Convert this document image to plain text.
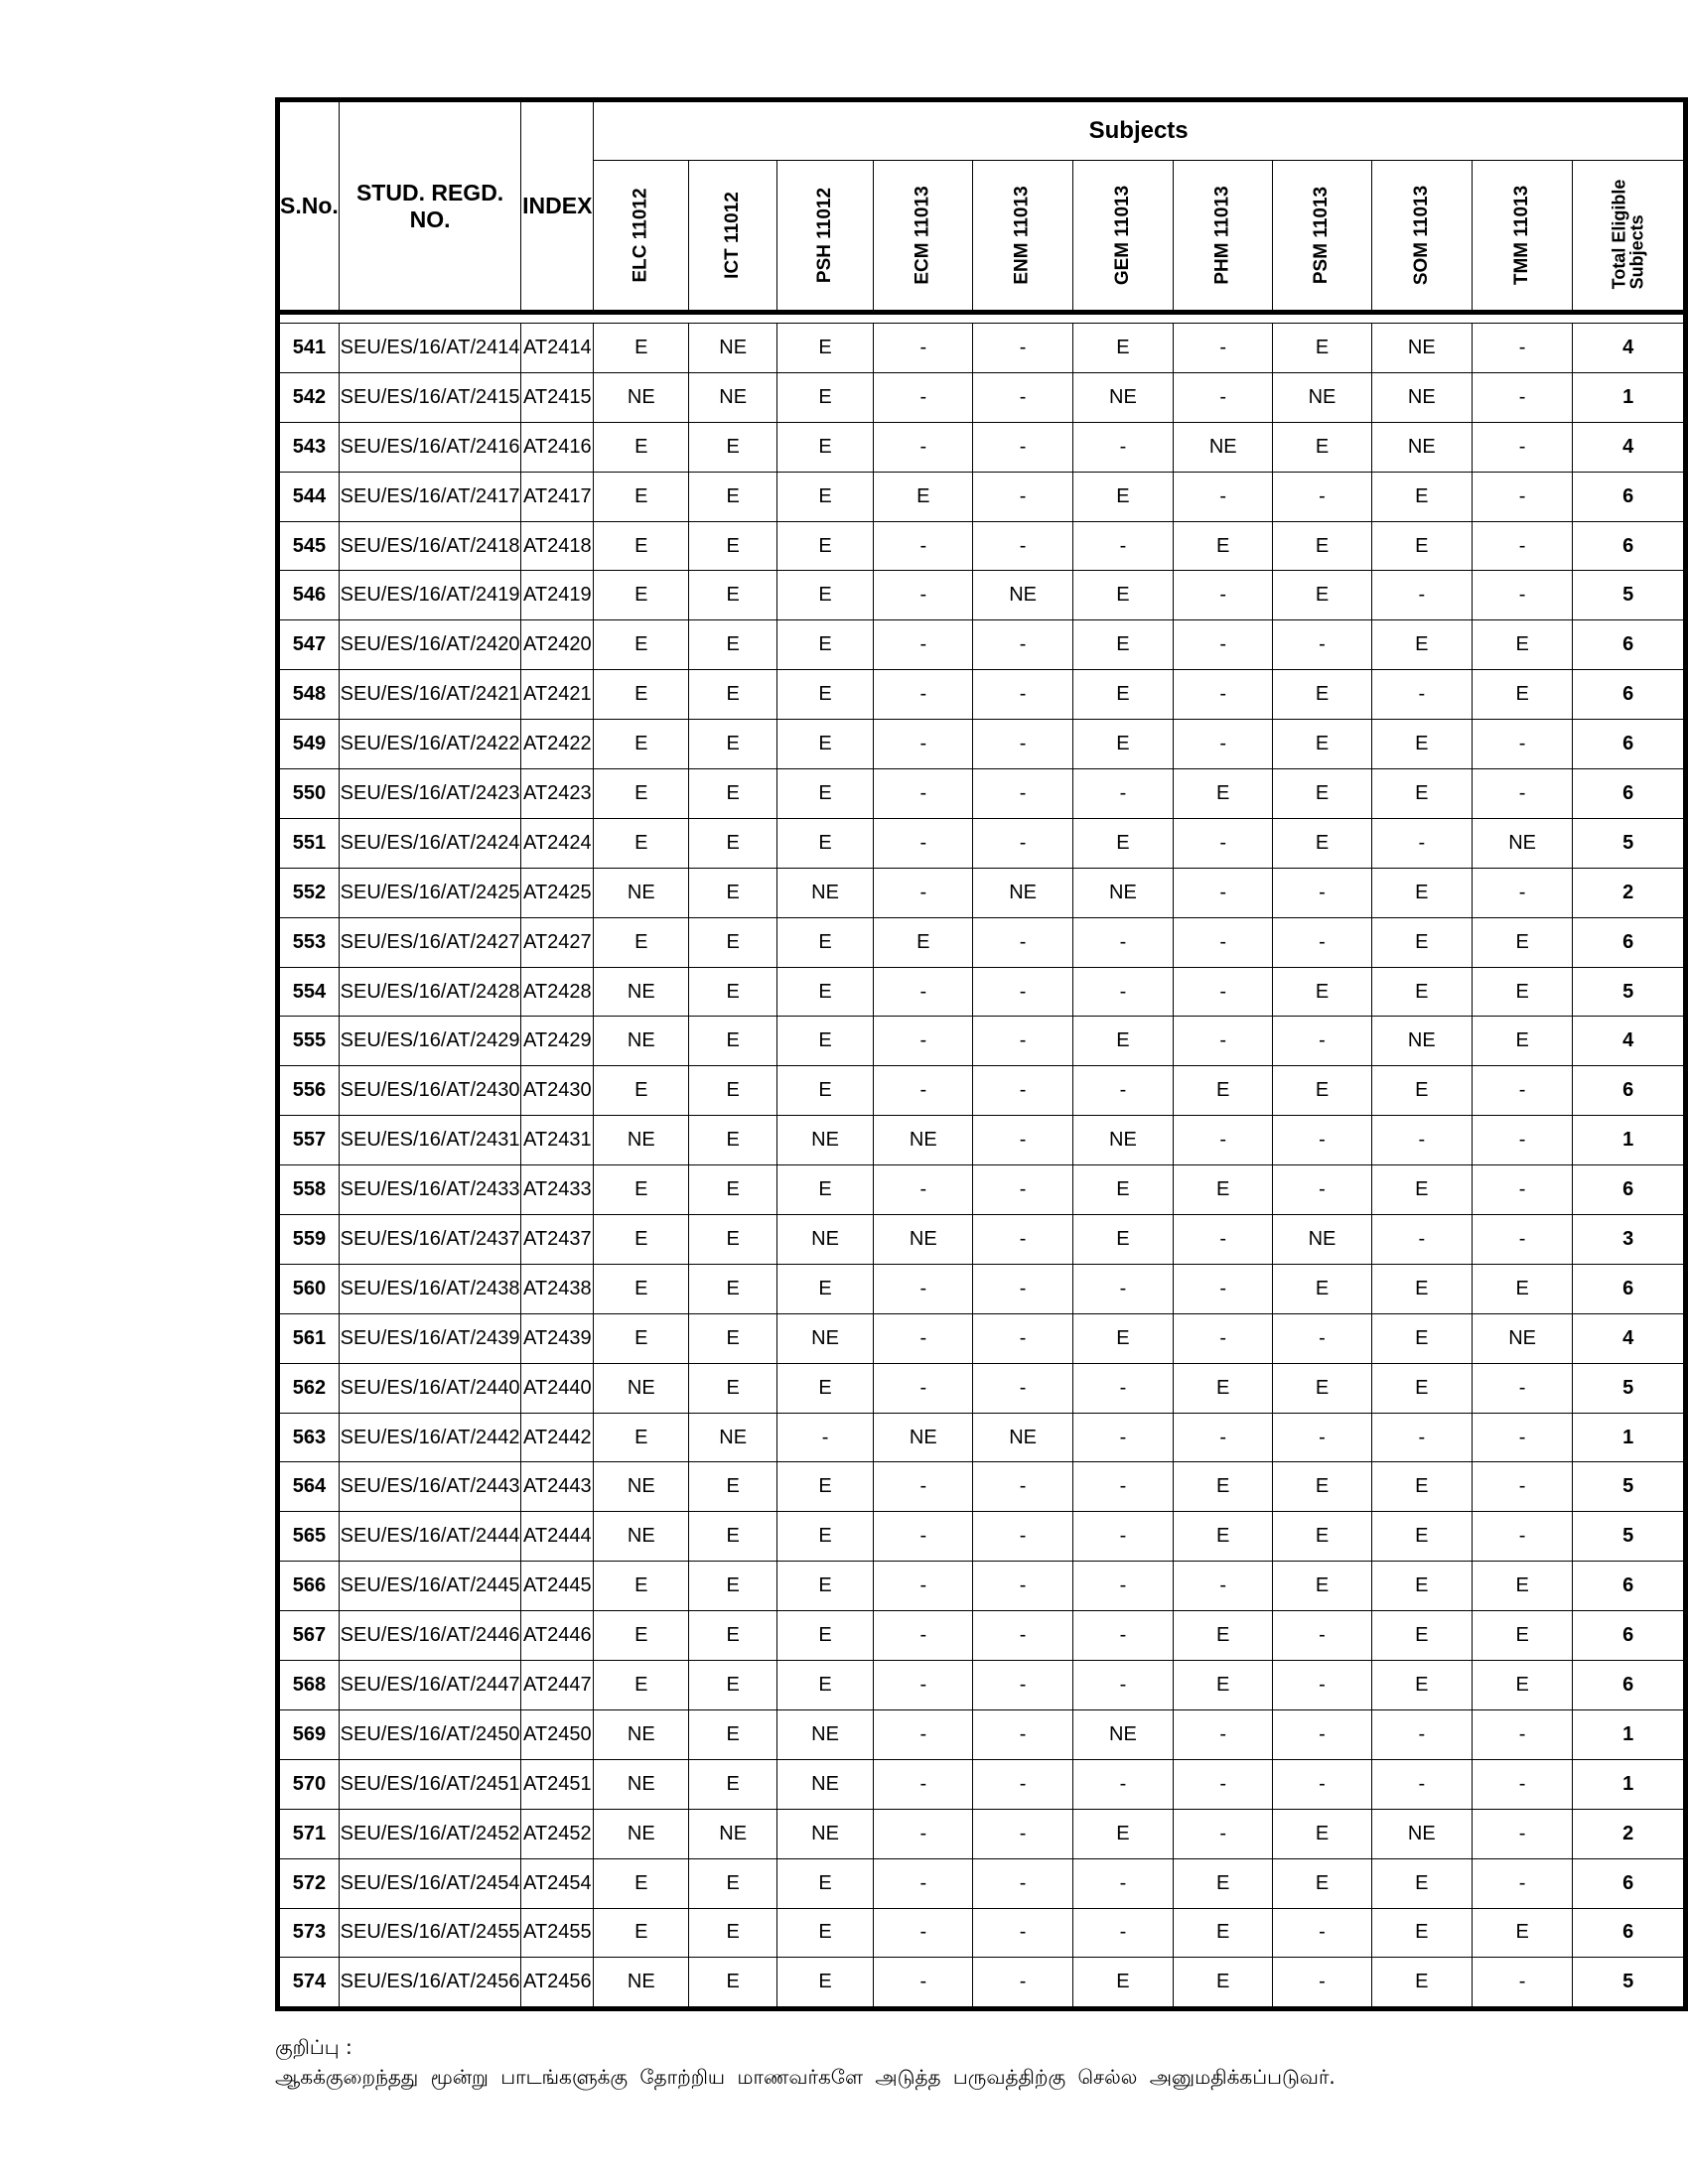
S.No.	STUD. REGD. NO.	INDEX	Subjects										
			ELC 11012	ICT 11012	PSH 11012	ECM 11013	ENM 11013	GEM 11013	PHM 11013	PSM 11013	SOM 11013	TMM 11013	Total Eligible
Subjects

541	SEU/ES/16/AT/2414	AT2414	E	NE	E	-	-	E	-	E	NE	-	4
542	SEU/ES/16/AT/2415	AT2415	NE	NE	E	-	-	NE	-	NE	NE	-	1
543	SEU/ES/16/AT/2416	AT2416	E	E	E	-	-	-	NE	E	NE	-	4
544	SEU/ES/16/AT/2417	AT2417	E	E	E	E	-	E	-	-	E	-	6
545	SEU/ES/16/AT/2418	AT2418	E	E	E	-	-	-	E	E	E	-	6
546	SEU/ES/16/AT/2419	AT2419	E	E	E	-	NE	E	-	E	-	-	5
547	SEU/ES/16/AT/2420	AT2420	E	E	E	-	-	E	-	-	E	E	6
548	SEU/ES/16/AT/2421	AT2421	E	E	E	-	-	E	-	E	-	E	6
549	SEU/ES/16/AT/2422	AT2422	E	E	E	-	-	E	-	E	E	-	6
550	SEU/ES/16/AT/2423	AT2423	E	E	E	-	-	-	E	E	E	-	6
551	SEU/ES/16/AT/2424	AT2424	E	E	E	-	-	E	-	E	-	NE	5
552	SEU/ES/16/AT/2425	AT2425	NE	E	NE	-	NE	NE	-	-	E	-	2
553	SEU/ES/16/AT/2427	AT2427	E	E	E	E	-	-	-	-	E	E	6
554	SEU/ES/16/AT/2428	AT2428	NE	E	E	-	-	-	-	E	E	E	5
555	SEU/ES/16/AT/2429	AT2429	NE	E	E	-	-	E	-	-	NE	E	4
556	SEU/ES/16/AT/2430	AT2430	E	E	E	-	-	-	E	E	E	-	6
557	SEU/ES/16/AT/2431	AT2431	NE	E	NE	NE	-	NE	-	-	-	-	1
558	SEU/ES/16/AT/2433	AT2433	E	E	E	-	-	E	E	-	E	-	6
559	SEU/ES/16/AT/2437	AT2437	E	E	NE	NE	-	E	-	NE	-	-	3
560	SEU/ES/16/AT/2438	AT2438	E	E	E	-	-	-	-	E	E	E	6
561	SEU/ES/16/AT/2439	AT2439	E	E	NE	-	-	E	-	-	E	NE	4
562	SEU/ES/16/AT/2440	AT2440	NE	E	E	-	-	-	E	E	E	-	5
563	SEU/ES/16/AT/2442	AT2442	E	NE	-	NE	NE	-	-	-	-	-	1
564	SEU/ES/16/AT/2443	AT2443	NE	E	E	-	-	-	E	E	E	-	5
565	SEU/ES/16/AT/2444	AT2444	NE	E	E	-	-	-	E	E	E	-	5
566	SEU/ES/16/AT/2445	AT2445	E	E	E	-	-	-	-	E	E	E	6
567	SEU/ES/16/AT/2446	AT2446	E	E	E	-	-	-	E	-	E	E	6
568	SEU/ES/16/AT/2447	AT2447	E	E	E	-	-	-	E	-	E	E	6
569	SEU/ES/16/AT/2450	AT2450	NE	E	NE	-	-	NE	-	-	-	-	1
570	SEU/ES/16/AT/2451	AT2451	NE	E	NE	-	-	-	-	-	-	-	1
571	SEU/ES/16/AT/2452	AT2452	NE	NE	NE	-	-	E	-	E	NE	-	2
572	SEU/ES/16/AT/2454	AT2454	E	E	E	-	-	-	E	E	E	-	6
573	SEU/ES/16/AT/2455	AT2455	E	E	E	-	-	-	E	-	E	E	6
574	SEU/ES/16/AT/2456	AT2456	NE	E	E	-	-	E	E	-	E	-	5
குறிப்பு :
ஆகக்குறைந்தது மூன்று பாடங்களுக்கு தோற்றிய மாணவர்களே அடுத்த பருவத்திற்கு செல்ல அனுமதிக்கப்படுவர்.
